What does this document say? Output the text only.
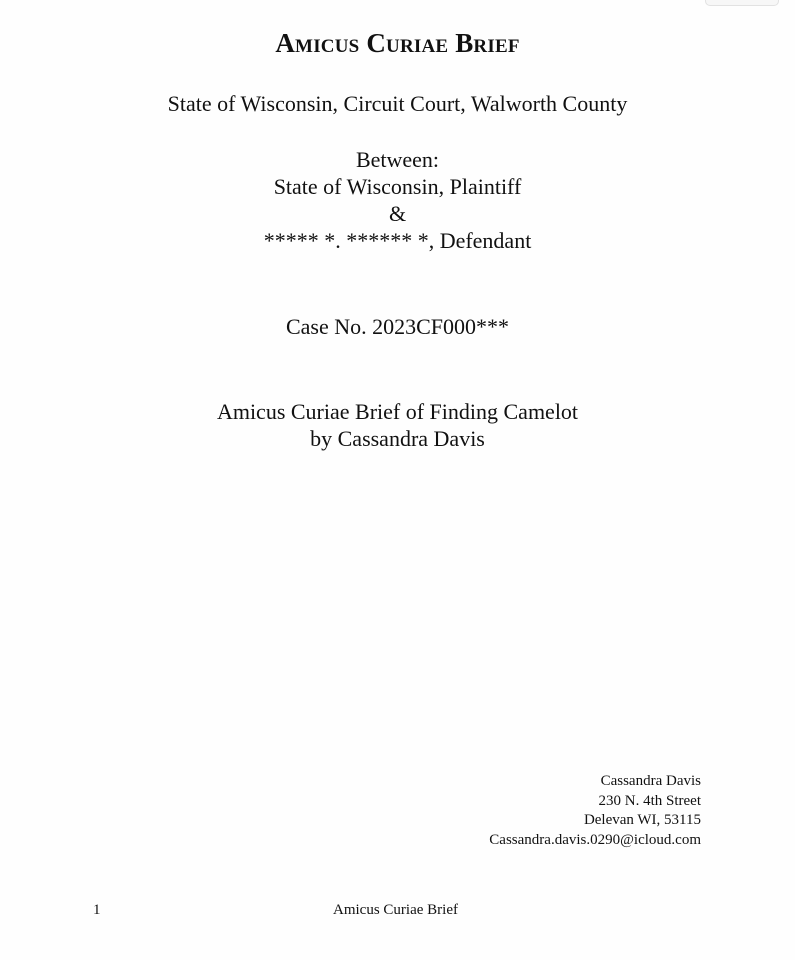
Amicus Curiae Brief
State of Wisconsin, Circuit Court, Walworth County
Between:
State of Wisconsin, Plaintiff
&
***** *. ****** *, Defendant
Case No. 2023CF000***
Amicus Curiae Brief of Finding Camelot
by Cassandra Davis
Cassandra Davis
230 N. 4th Street
Delevan WI, 53115
Cassandra.davis.0290@icloud.com
1	Amicus Curiae Brief
